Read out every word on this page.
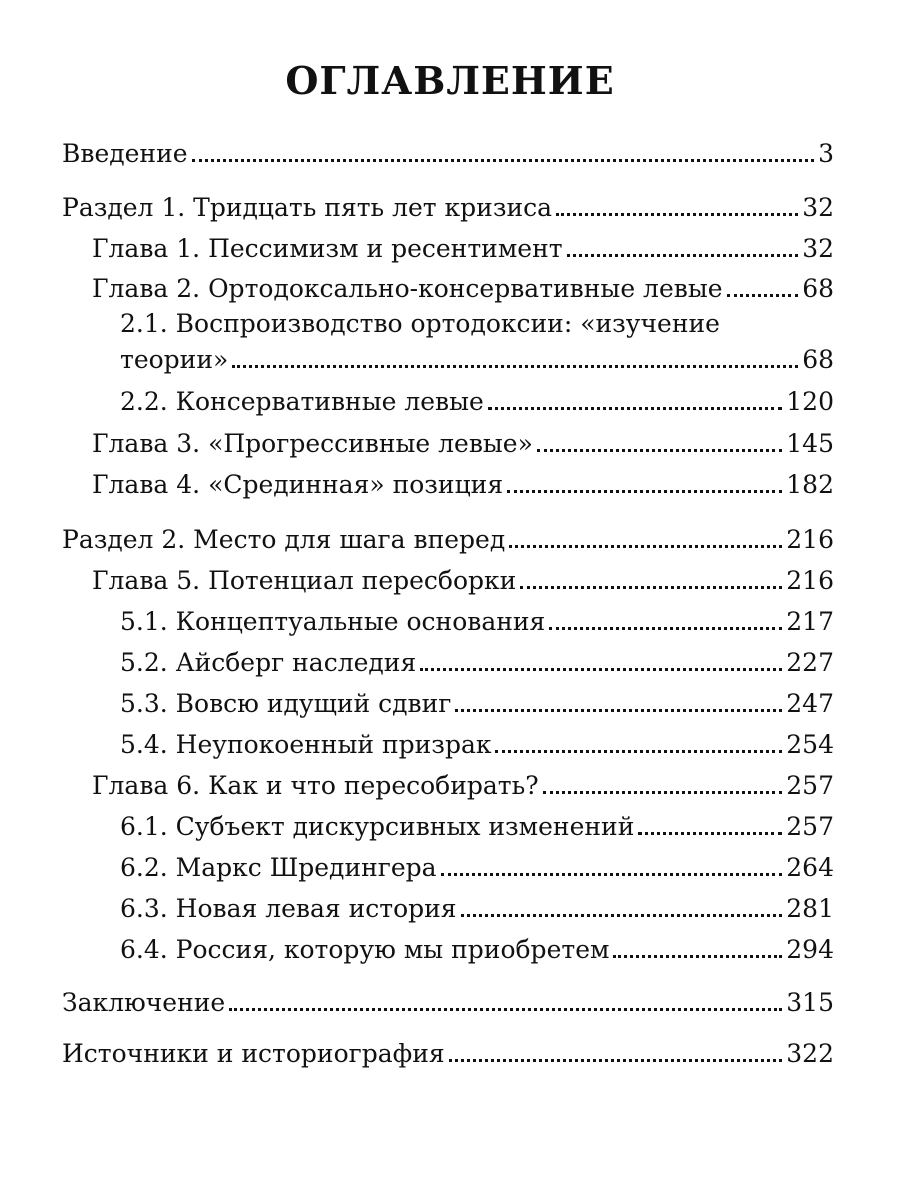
ОГЛАВЛЕНИЕ
Введение	3
Раздел 1. Тридцать пять лет кризиса	32
Глава 1. Пессимизм и ресентимент	32
Глава 2. Ортодоксально-консервативные левые	68
2.1. Воспроизводство ортодоксии: «изучение
теории»	68
2.2. Консервативные левые	120
Глава 3. «Прогрессивные левые»	145
Глава 4. «Срединная» позиция	182
Раздел 2. Место для шага вперед	216
Глава 5. Потенциал пересборки	216
5.1. Концептуальные основания	217
5.2. Айсберг наследия	227
5.3. Вовсю идущий сдвиг	247
5.4. Неупокоенный призрак	254
Глава 6. Как и что пересобирать?	257
6.1. Субъект дискурсивных изменений	257
6.2. Маркс Шредингера	264
6.3. Новая левая история	281
6.4. Россия, которую мы приобретем	294
Заключение	315
Источники и историография	322
